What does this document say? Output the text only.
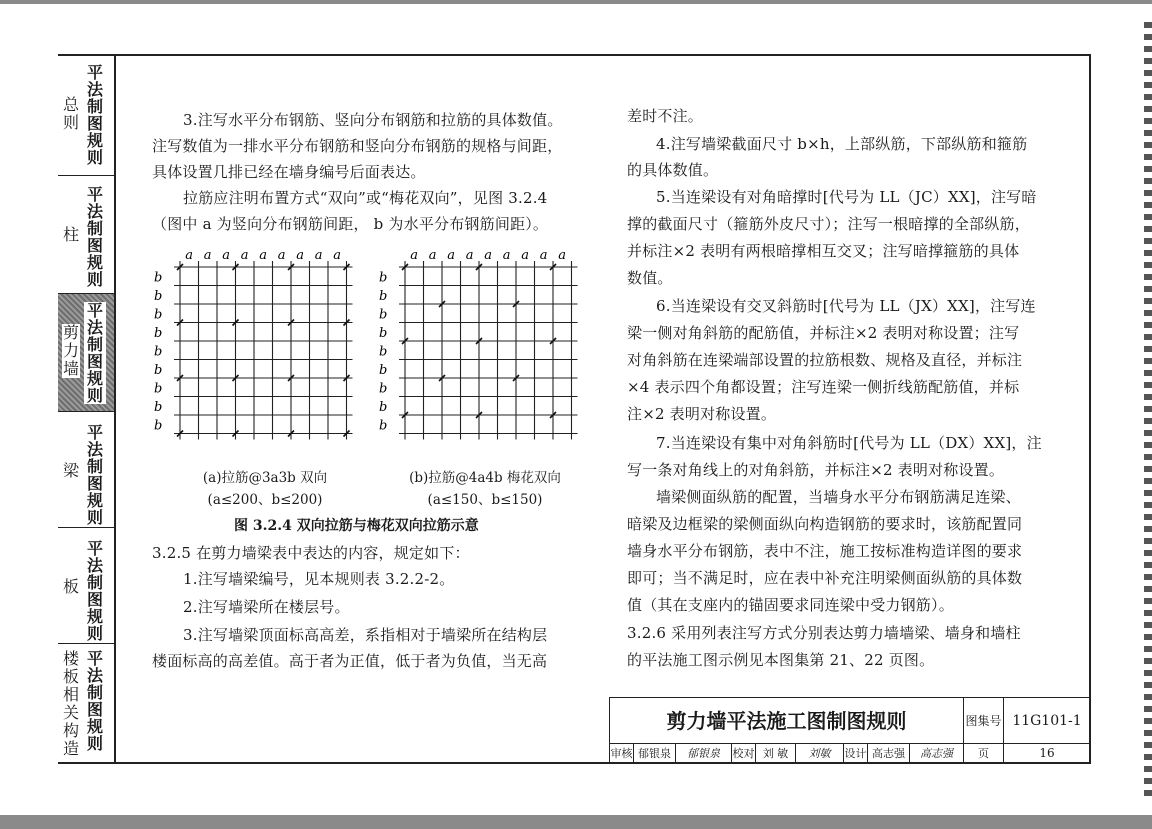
总则
平法制图规则
柱
平法制图规则
剪力墙
平法制图规则
梁
平法制图规则
板
平法制图规则
楼板相关构造
平法制图规则
3.注写水平分布钢筋、竖向分布钢筋和拉筋的具体数值。
注写数值为一排水平分布钢筋和竖向分布钢筋的规格与间距，
具体设置几排已经在墙身编号后面表达。
拉筋应注明布置方式“双向”或“梅花双向”，见图 3.2.4
（图中 a 为竖向分布钢筋间距， b 为水平分布钢筋间距）。
a a a a a a a a a
b
b
b
b
b
b
b
b
b
a a a a a a a a a
b
b
b
b
b
b
b
b
b
(a)拉筋@3a3b 双向
(a≤200、b≤200)
(b)拉筋@4a4b 梅花双向
(a≤150、b≤150)
图 3.2.4 双向拉筋与梅花双向拉筋示意
3.2.5 在剪力墙梁表中表达的内容，规定如下：
1.注写墙梁编号，见本规则表 3.2.2-2。
2.注写墙梁所在楼层号。
3.注写墙梁顶面标高高差，系指相对于墙梁所在结构层
楼面标高的高差值。高于者为正值，低于者为负值，当无高
差时不注。
4.注写墙梁截面尺寸 b×h，上部纵筋，下部纵筋和箍筋
的具体数值。
5.当连梁设有对角暗撑时[代号为 LL（JC）XX]，注写暗
撑的截面尺寸（箍筋外皮尺寸）；注写一根暗撑的全部纵筋，
并标注×2 表明有两根暗撑相互交叉；注写暗撑箍筋的具体
数值。
6.当连梁设有交叉斜筋时[代号为 LL（JX）XX]，注写连
梁一侧对角斜筋的配筋值，并标注×2 表明对称设置；注写
对角斜筋在连梁端部设置的拉筋根数、规格及直径，并标注
×4 表示四个角都设置；注写连梁一侧折线筋配筋值，并标
注×2 表明对称设置。
7.当连梁设有集中对角斜筋时[代号为 LL（DX）XX]，注
写一条对角线上的对角斜筋，并标注×2 表明对称设置。
墙梁侧面纵筋的配置，当墙身水平分布钢筋满足连梁、
暗梁及边框梁的梁侧面纵向构造钢筋的要求时，该筋配置同
墙身水平分布钢筋，表中不注，施工按标准构造详图的要求
即可；当不满足时，应在表中补充注明梁侧面纵筋的具体数
值（其在支座内的锚固要求同连梁中受力钢筋）。
3.2.6 采用列表注写方式分别表达剪力墙墙梁、墙身和墙柱
的平法施工图示例见本图集第 21、22 页图。
剪力墙平法施工图制图规则	图集号 11G101-1
审核 郁银泉	郁银泉	校对 刘 敏	刘敏	设计 高志强	高志强	页	16
